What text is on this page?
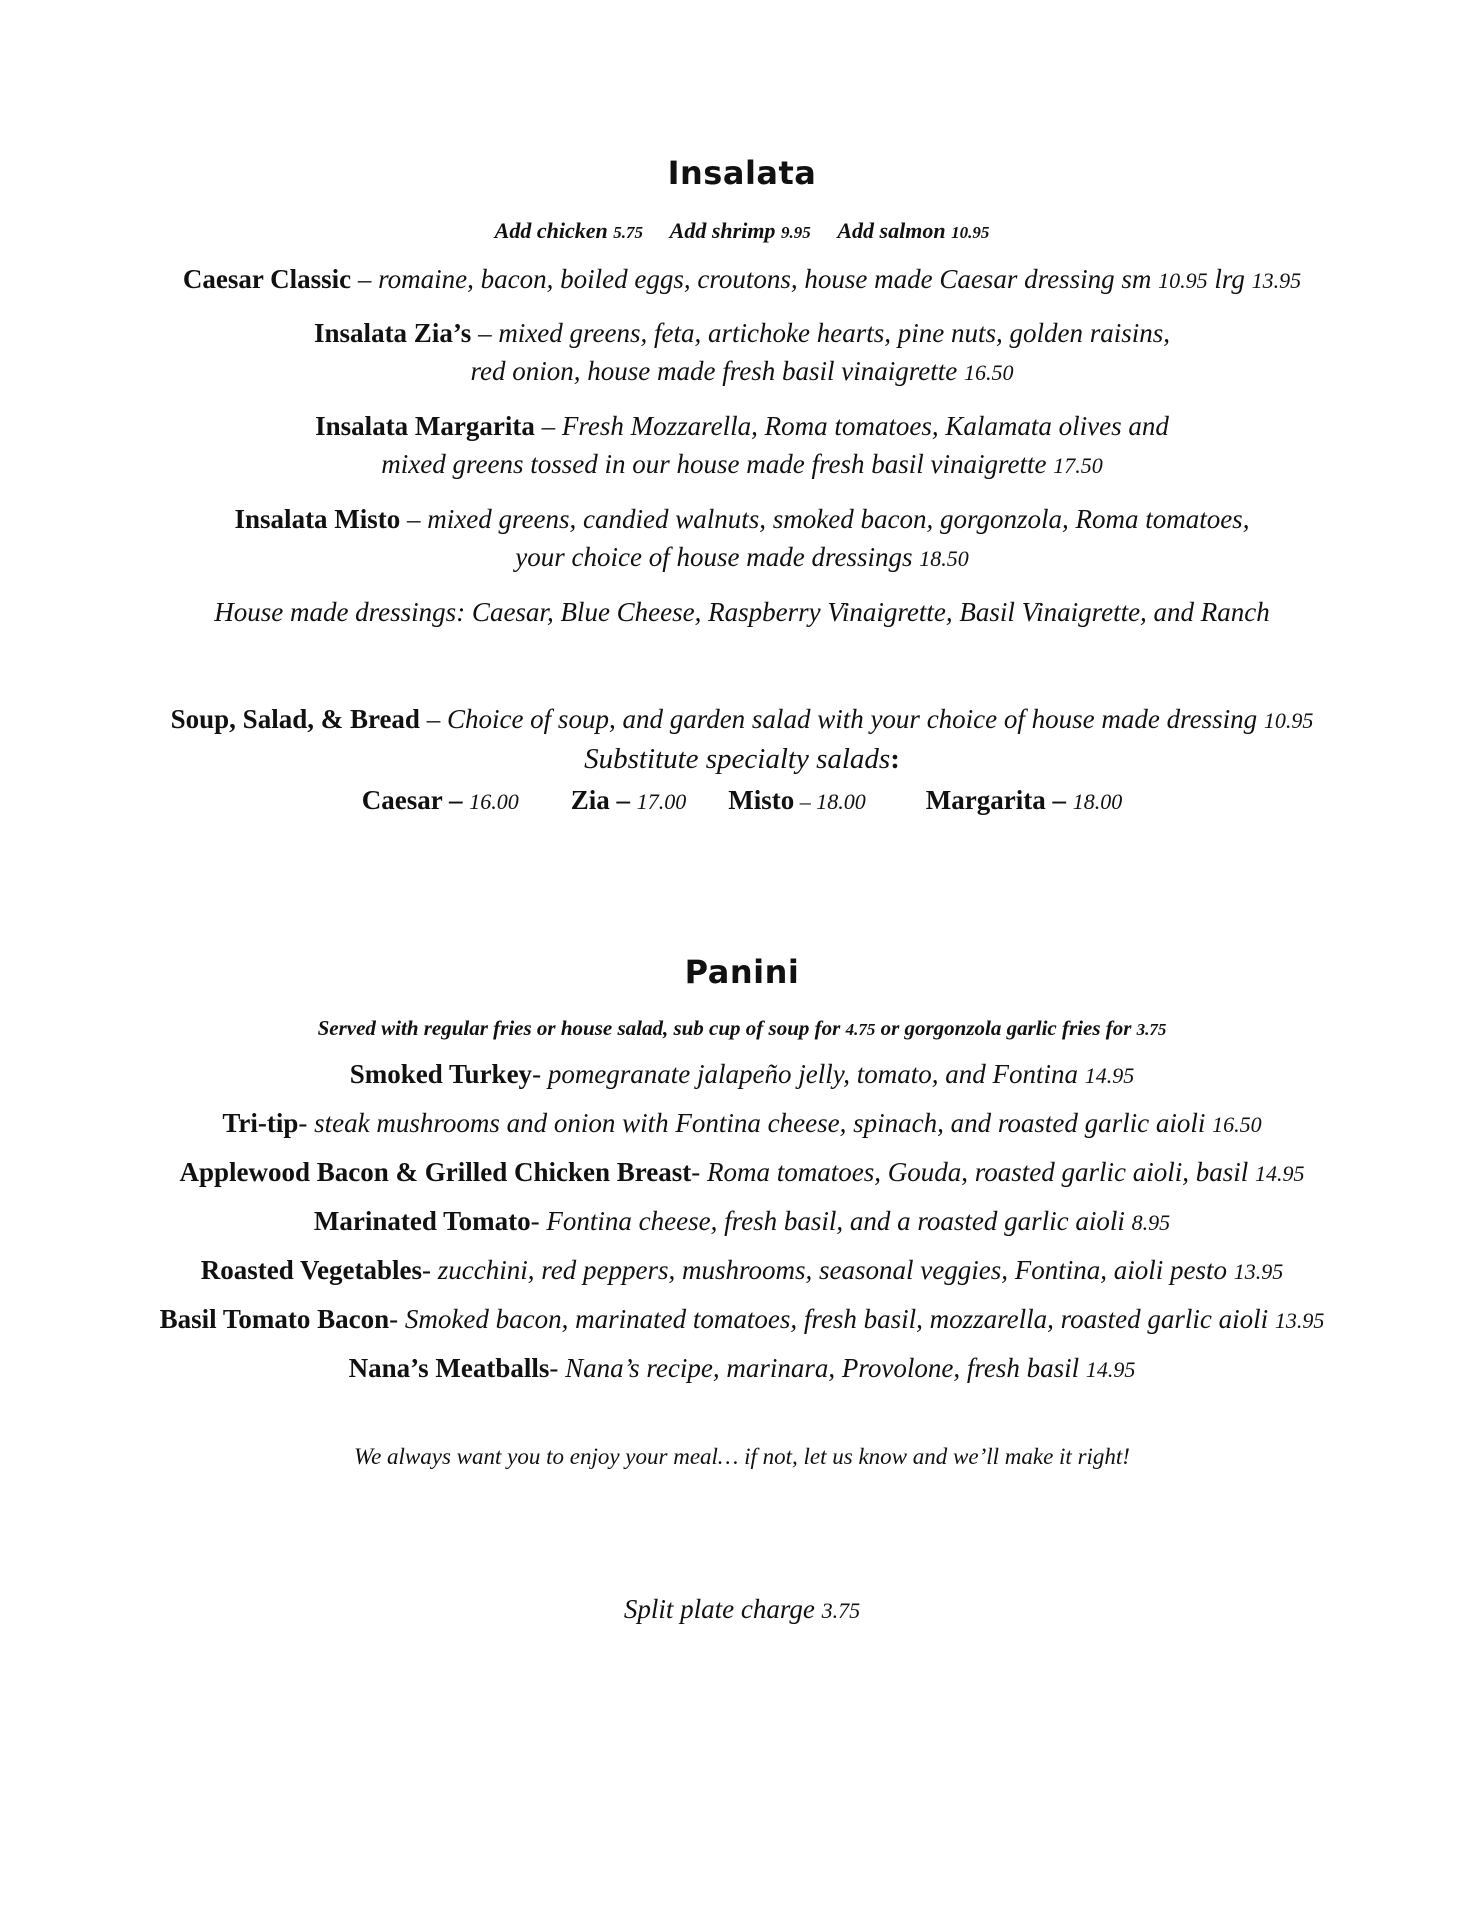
Insalata
Add chicken 5.75 Add shrimp 9.95 Add salmon 10.95
Caesar Classic – romaine, bacon, boiled eggs, croutons, house made Caesar dressing sm 10.95 lrg 13.95
Insalata Zia’s – mixed greens, feta, artichoke hearts, pine nuts, golden raisins,
red onion, house made fresh basil vinaigrette 16.50
Insalata Margarita – Fresh Mozzarella, Roma tomatoes, Kalamata olives and
mixed greens tossed in our house made fresh basil vinaigrette 17.50
Insalata Misto – mixed greens, candied walnuts, smoked bacon, gorgonzola, Roma tomatoes,
your choice of house made dressings 18.50
House made dressings: Caesar, Blue Cheese, Raspberry Vinaigrette, Basil Vinaigrette, and Ranch
Soup, Salad, & Bread – Choice of soup, and garden salad with your choice of house made dressing 10.95
Substitute specialty salads:
Caesar – 16.00 Zia – 17.00 Misto – 18.00 Margarita – 18.00
Panini
Served with regular fries or house salad, sub cup of soup for 4.75 or gorgonzola garlic fries for 3.75
Smoked Turkey- pomegranate jalapeño jelly, tomato, and Fontina 14.95
Tri-tip- steak mushrooms and onion with Fontina cheese, spinach, and roasted garlic aioli 16.50
Applewood Bacon & Grilled Chicken Breast- Roma tomatoes, Gouda, roasted garlic aioli, basil 14.95
Marinated Tomato- Fontina cheese, fresh basil, and a roasted garlic aioli 8.95
Roasted Vegetables- zucchini, red peppers, mushrooms, seasonal veggies, Fontina, aioli pesto 13.95
Basil Tomato Bacon- Smoked bacon, marinated tomatoes, fresh basil, mozzarella, roasted garlic aioli 13.95
Nana’s Meatballs- Nana’s recipe, marinara, Provolone, fresh basil 14.95
We always want you to enjoy your meal… if not, let us know and we’ll make it right!
Split plate charge 3.75
